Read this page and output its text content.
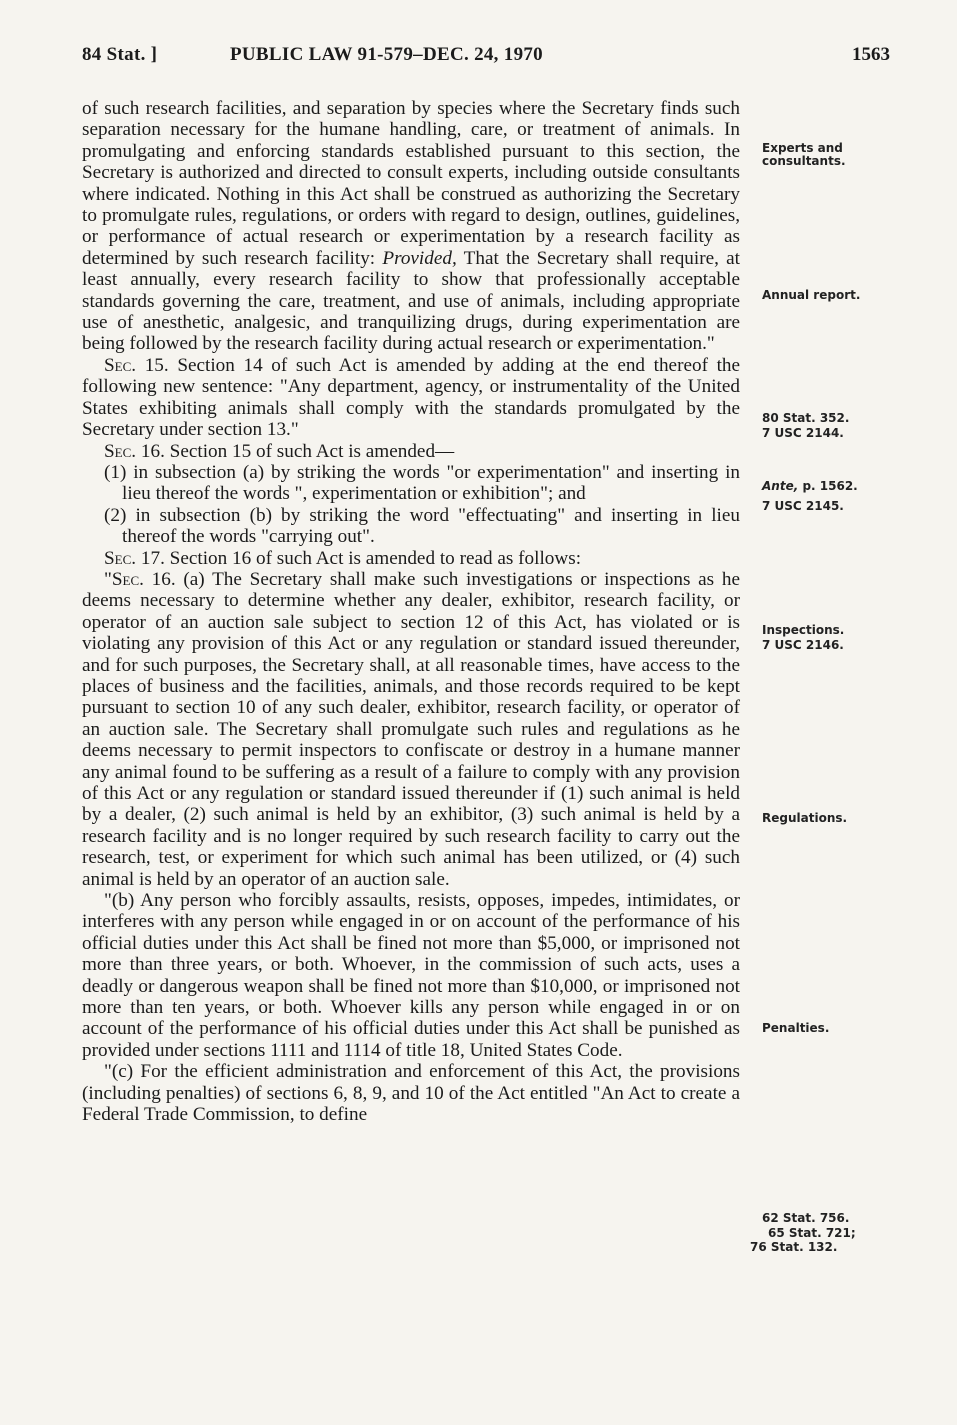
84 Stat. ]	PUBLIC LAW 91-579–DEC. 24, 1970	1563

of such research facilities, and separation by species where the Secretary finds such separation necessary for the humane handling, care, or treatment of animals. In promulgating and enforcing standards established pursuant to this section, the Secretary is authorized and directed to consult experts, including outside consultants where indicated. Nothing in this Act shall be construed as authorizing the Secretary to promulgate rules, regulations, or orders with regard to design, outlines, guidelines, or performance of actual research or experimentation by a research facility as determined by such research facility: Provided, That the Secretary shall require, at least annually, every research facility to show that professionally acceptable standards governing the care, treatment, and use of animals, including appropriate use of anesthetic, analgesic, and tranquilizing drugs, during experimentation are being followed by the research facility during actual research or experimentation."

Sec. 15. Section 14 of such Act is amended by adding at the end thereof the following new sentence: "Any department, agency, or instrumentality of the United States exhibiting animals shall comply with the standards promulgated by the Secretary under section 13."

Sec. 16. Section 15 of such Act is amended—

(1) in subsection (a) by striking the words "or experimentation" and inserting in lieu thereof the words ", experimentation or exhibition"; and

(2) in subsection (b) by striking the word "effectuating" and inserting in lieu thereof the words "carrying out".

Sec. 17. Section 16 of such Act is amended to read as follows:

"Sec. 16. (a) The Secretary shall make such investigations or inspections as he deems necessary to determine whether any dealer, exhibitor, research facility, or operator of an auction sale subject to section 12 of this Act, has violated or is violating any provision of this Act or any regulation or standard issued thereunder, and for such purposes, the Secretary shall, at all reasonable times, have access to the places of business and the facilities, animals, and those records required to be kept pursuant to section 10 of any such dealer, exhibitor, research facility, or operator of an auction sale. The Secretary shall promulgate such rules and regulations as he deems necessary to permit inspectors to confiscate or destroy in a humane manner any animal found to be suffering as a result of a failure to comply with any provision of this Act or any regulation or standard issued thereunder if (1) such animal is held by a dealer, (2) such animal is held by an exhibitor, (3) such animal is held by a research facility and is no longer required by such research facility to carry out the research, test, or experiment for which such animal has been utilized, or (4) such animal is held by an operator of an auction sale.

"(b) Any person who forcibly assaults, resists, opposes, impedes, intimidates, or interferes with any person while engaged in or on account of the performance of his official duties under this Act shall be fined not more than $5,000, or imprisoned not more than three years, or both. Whoever, in the commission of such acts, uses a deadly or dangerous weapon shall be fined not more than $10,000, or imprisoned not more than ten years, or both. Whoever kills any person while engaged in or on account of the performance of his official duties under this Act shall be punished as provided under sections 1111 and 1114 of title 18, United States Code.

"(c) For the efficient administration and enforcement of this Act, the provisions (including penalties) of sections 6, 8, 9, and 10 of the Act entitled "An Act to create a Federal Trade Commission, to define

Experts and consultants.
Annual report.
80 Stat. 352.
7 USC 2144.
Ante, p. 1562.
7 USC 2145.
Inspections.
7 USC 2146.
Regulations.
Penalties.
62 Stat. 756.
65 Stat. 721;
76 Stat. 132.
